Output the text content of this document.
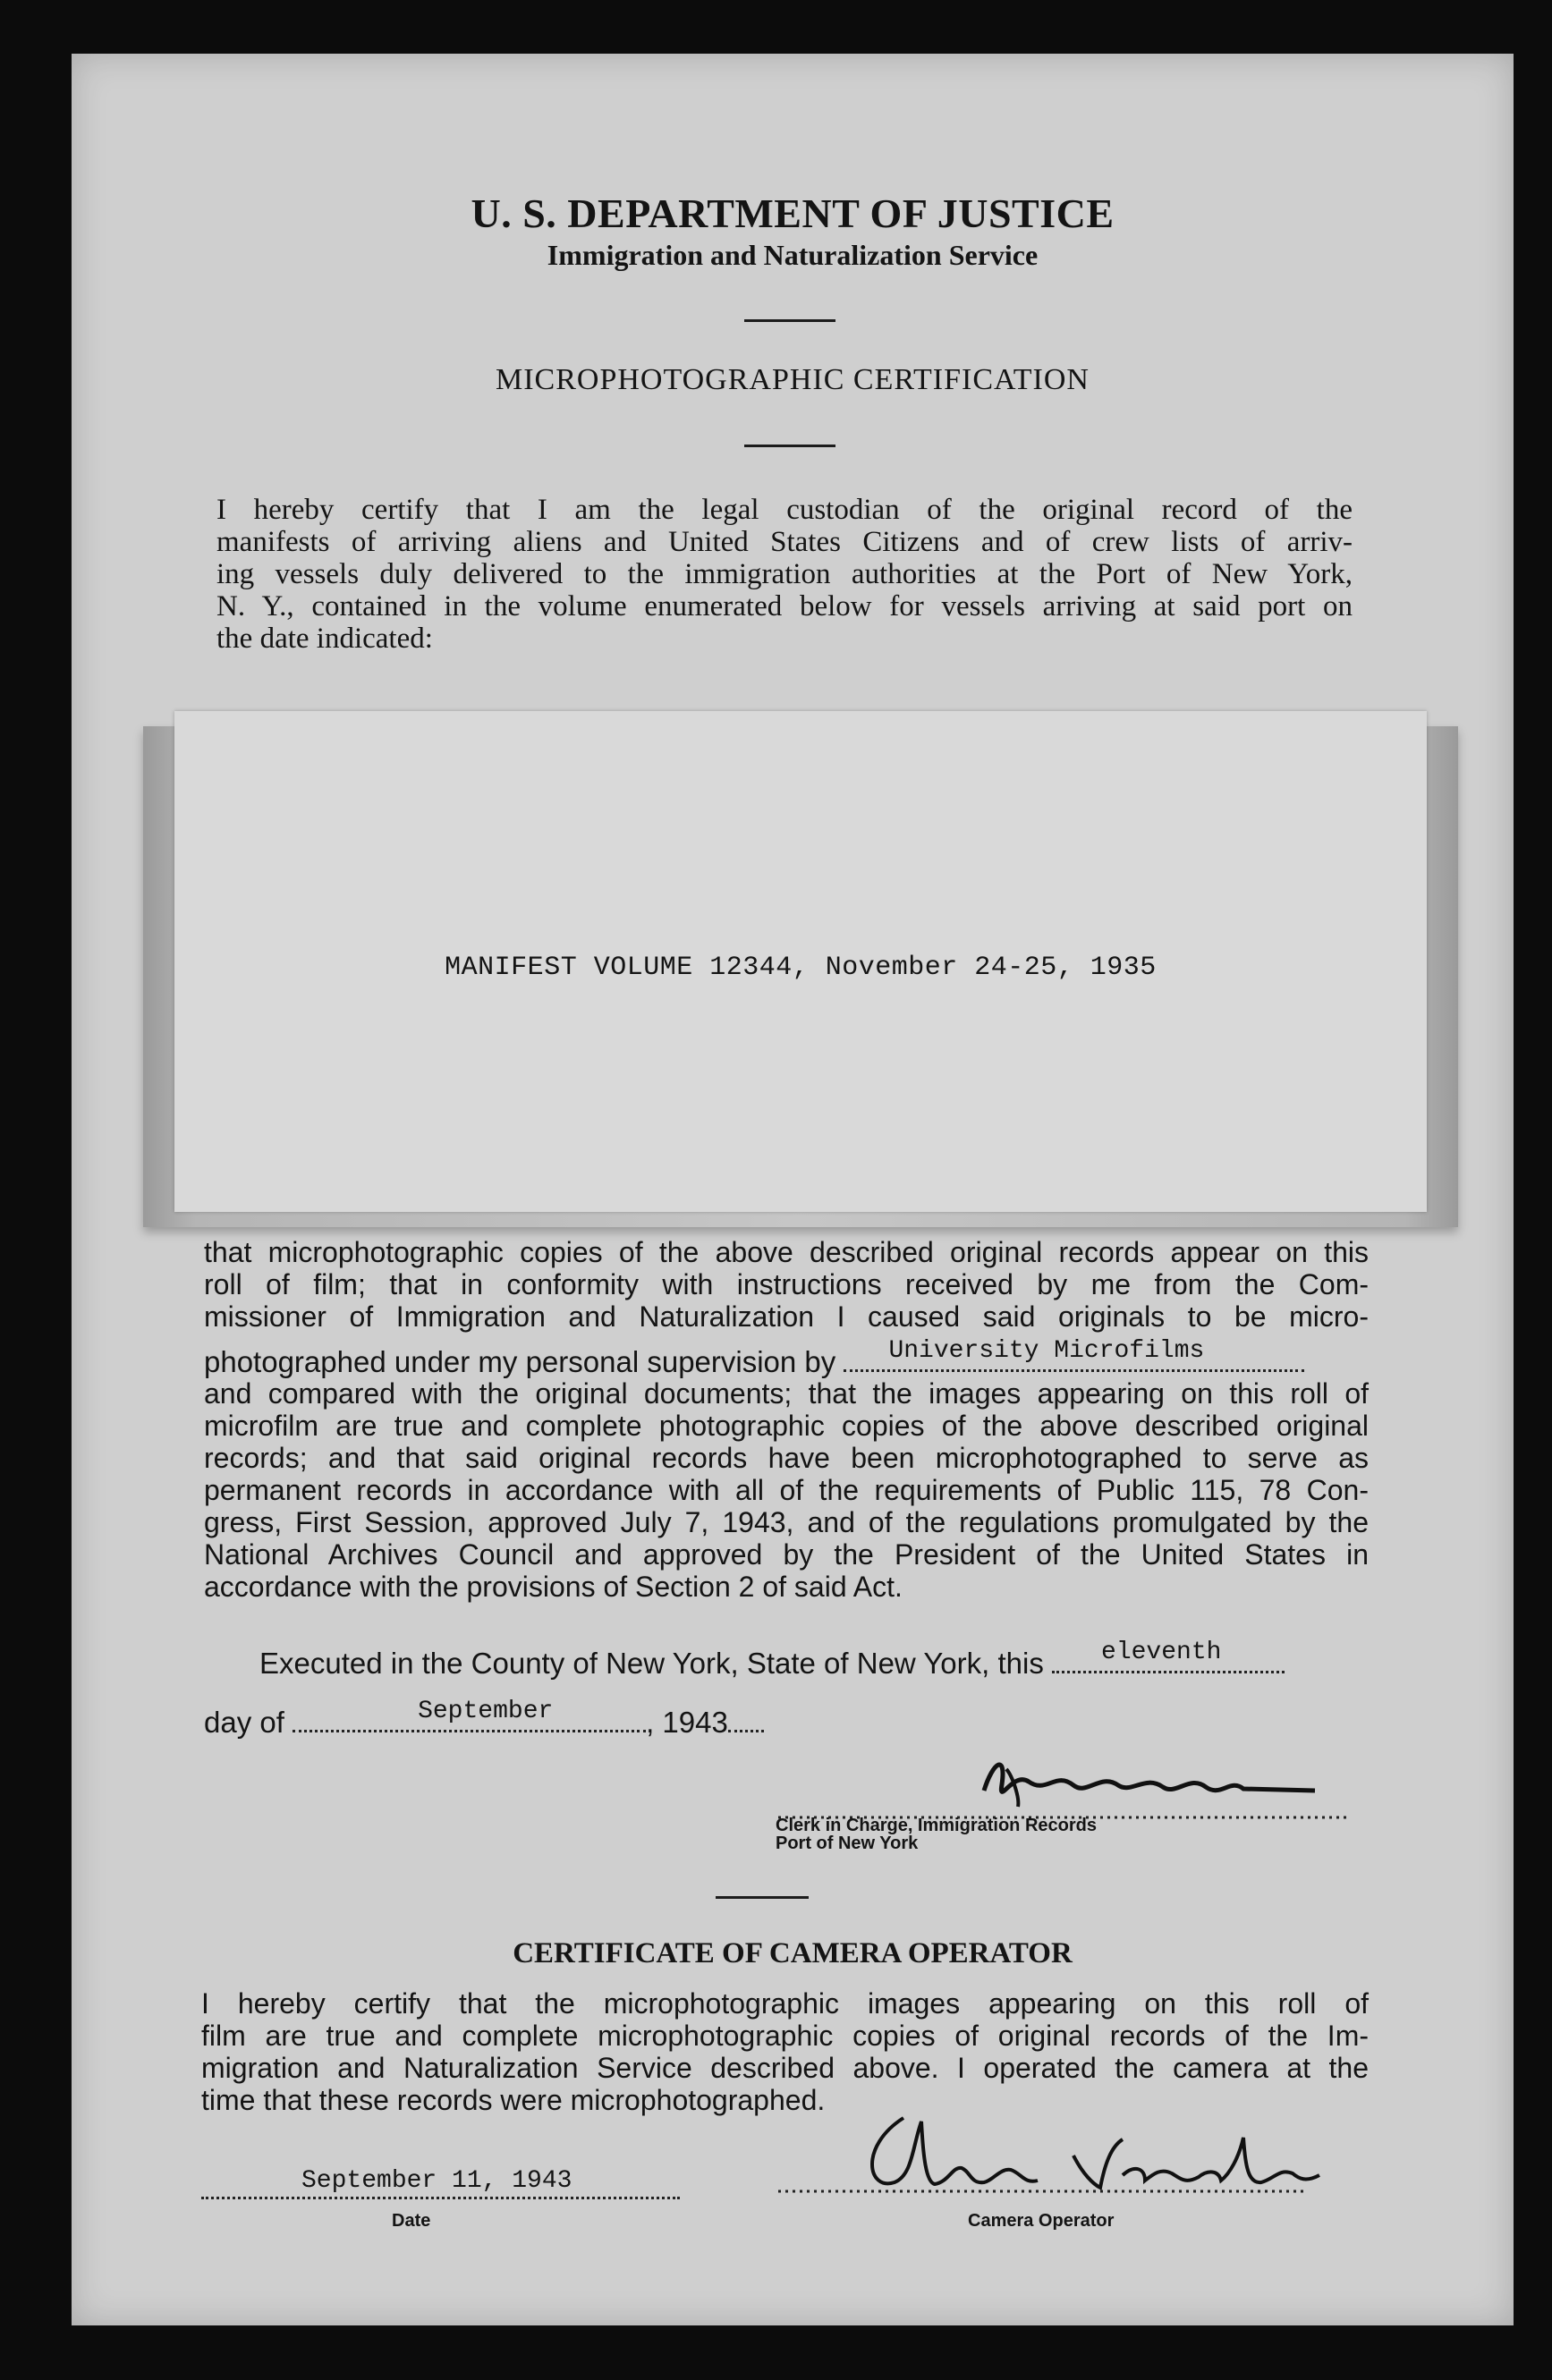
U. S. DEPARTMENT OF JUSTICE
Immigration and Naturalization Service
MICROPHOTOGRAPHIC CERTIFICATION
I hereby certify that I am the legal custodian of the original record of the
manifests of arriving aliens and United States Citizens and of crew lists of arriv-
ing vessels duly delivered to the immigration authorities at the Port of New York,
N. Y., contained in the volume enumerated below for vessels arriving at said port on
the date indicated:
MANIFEST VOLUME 12344, November 24-25, 1935
that microphotographic copies of the above described original records appear on this
roll of film; that in conformity with instructions received by me from the Com-
missioner of Immigration and Naturalization I caused said originals to be micro-
photographed under my personal supervision by University Microfilms
and compared with the original documents; that the images appearing on this roll of
microfilm are true and complete photographic copies of the above described original
records; and that said original records have been microphotographed to serve as
permanent records in accordance with all of the requirements of Public 115, 78 Con-
gress, First Session, approved July 7, 1943, and of the regulations promulgated by the
National Archives Council and approved by the President of the United States in
accordance with the provisions of Section 2 of said Act.
Executed in the County of New York, State of New York, this eleventh
day of	September	, 1943
Clerk in Charge, Immigration Records
Port of New York
CERTIFICATE OF CAMERA OPERATOR
I hereby certify that the microphotographic images appearing on this roll of
film are true and complete microphotographic copies of original records of the Im-
migration and Naturalization Service described above. I operated the camera at the
time that these records were microphotographed.
September 11, 1943
Date	Camera Operator
